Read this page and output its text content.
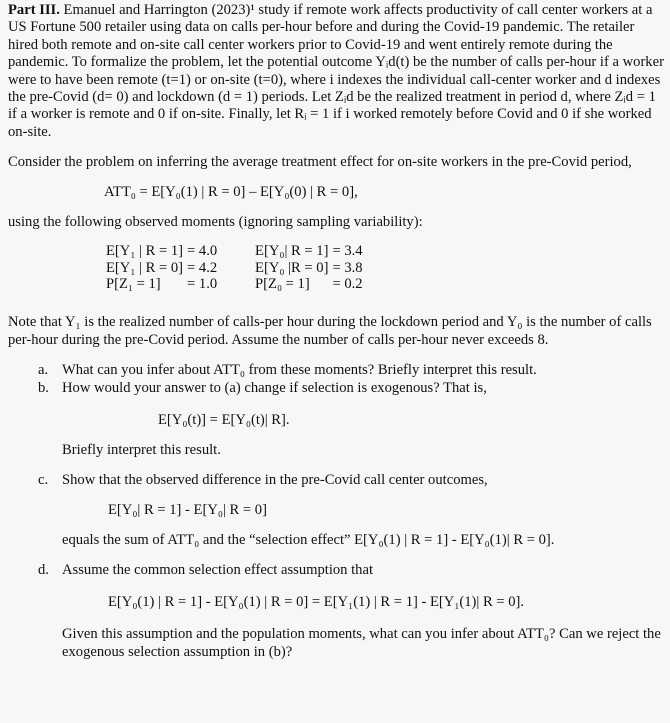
Part III. Emanuel and Harrington (2023)¹ study if remote work affects productivity of call center workers at a US Fortune 500 retailer using data on calls per-hour before and during the Covid-19 pandemic. The retailer hired both remote and on-site call center workers prior to Covid-19 and went entirely remote during the pandemic. To formalize the problem, let the potential outcome Yᵢd(t) be the number of calls per-hour if a worker were to have been remote (t=1) or on-site (t=0), where i indexes the individual call-center worker and d indexes the pre-Covid (d= 0) and lockdown (d = 1) periods. Let Zᵢd be the realized treatment in period d, where Zᵢd = 1 if a worker is remote and 0 if on-site. Finally, let Rᵢ = 1 if i worked remotely before Covid and 0 if she worked on-site.

Consider the problem on inferring the average treatment effect for on-site workers in the pre-Covid period,

ATT₀ = E[Y₀(1) | R = 0] – E[Y₀(0) | R = 0],

using the following observed moments (ignoring sampling variability):

E[Y₁ | R = 1]	= 4.0		E[Y₀| R = 1]	= 3.4
E[Y₁ | R = 0]	= 4.2		E[Y₀ |R = 0]	= 3.8
P[Z₁ = 1]	= 1.0		P[Z₀ = 1]	= 0.2

Note that Y₁ is the realized number of calls-per hour during the lockdown period and Y₀ is the number of calls per-hour during the pre-Covid period. Assume the number of calls per-hour never exceeds 8.

a. What can you infer about ATT₀ from these moments? Briefly interpret this result.
b. How would your answer to (a) change if selection is exogenous? That is,
E[Y₀(t)] = E[Y₀(t)| R].
Briefly interpret this result.
c. Show that the observed difference in the pre-Covid call center outcomes,
E[Y₀| R = 1] - E[Y₀| R = 0]
equals the sum of ATT₀ and the “selection effect” E[Y₀(1) | R = 1] - E[Y₀(1)| R = 0].
d. Assume the common selection effect assumption that
E[Y₀(1) | R = 1] - E[Y₀(1) | R = 0] = E[Y₁(1) | R = 1] - E[Y₁(1)| R = 0].
Given this assumption and the population moments, what can you infer about ATT₀? Can we reject the exogenous selection assumption in (b)?
